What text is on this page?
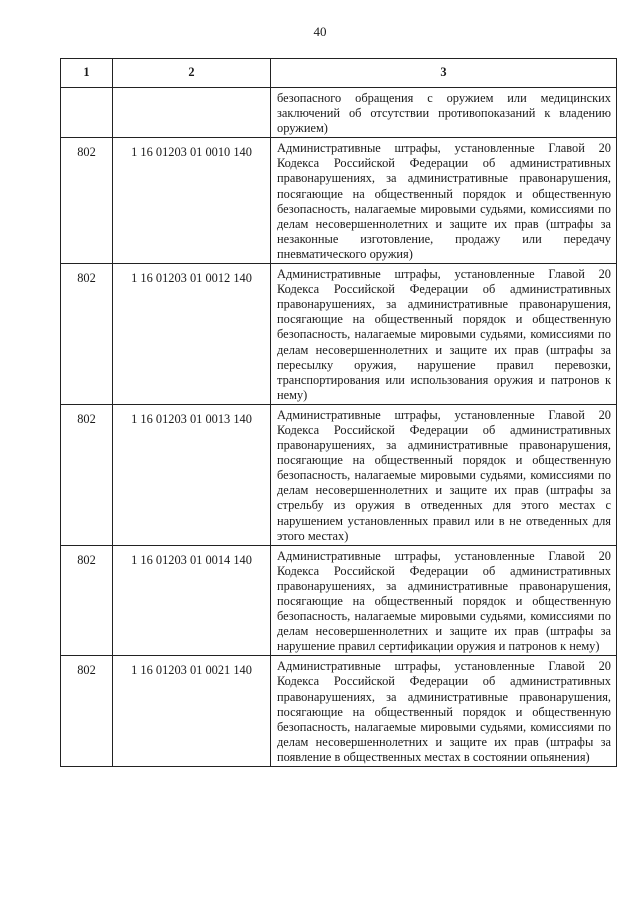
40
1	2	3
		безопасного обращения с оружием или медицинских заключений об отсутствии противопоказаний к владению оружием)
802	1 16 01203 01 0010 140	Административные штрафы, установленные Главой 20 Кодекса Российской Федерации об административных правонарушениях, за административные правонарушения, посягающие на общественный порядок и общественную безопасность, налагаемые мировыми судьями, комиссиями по делам несовершеннолетних и защите их прав (штрафы за незаконные изготовление, продажу или передачу пневматического оружия)
802	1 16 01203 01 0012 140	Административные штрафы, установленные Главой 20 Кодекса Российской Федерации об административных правонарушениях, за административные правонарушения, посягающие на общественный порядок и общественную безопасность, налагаемые мировыми судьями, комиссиями по делам несовершеннолетних и защите их прав (штрафы за пересылку оружия, нарушение правил перевозки, транспортирования или использования оружия и патронов к нему)
802	1 16 01203 01 0013 140	Административные штрафы, установленные Главой 20 Кодекса Российской Федерации об административных правонарушениях, за административные правонарушения, посягающие на общественный порядок и общественную безопасность, налагаемые мировыми судьями, комиссиями по делам несовершеннолетних и защите их прав (штрафы за стрельбу из оружия в отведенных для этого местах с нарушением установленных правил или в не отведенных для этого местах)
802	1 16 01203 01 0014 140	Административные штрафы, установленные Главой 20 Кодекса Российской Федерации об административных правонарушениях, за административные правонарушения, посягающие на общественный порядок и общественную безопасность, налагаемые мировыми судьями, комиссиями по делам несовершеннолетних и защите их прав (штрафы за нарушение правил сертификации оружия и патронов к нему)
802	1 16 01203 01 0021 140	Административные штрафы, установленные Главой 20 Кодекса Российской Федерации об административных правонарушениях, за административные правонарушения, посягающие на общественный порядок и общественную безопасность, налагаемые мировыми судьями, комиссиями по делам несовершеннолетних и защите их прав (штрафы за появление в общественных местах в состоянии опьянения)
